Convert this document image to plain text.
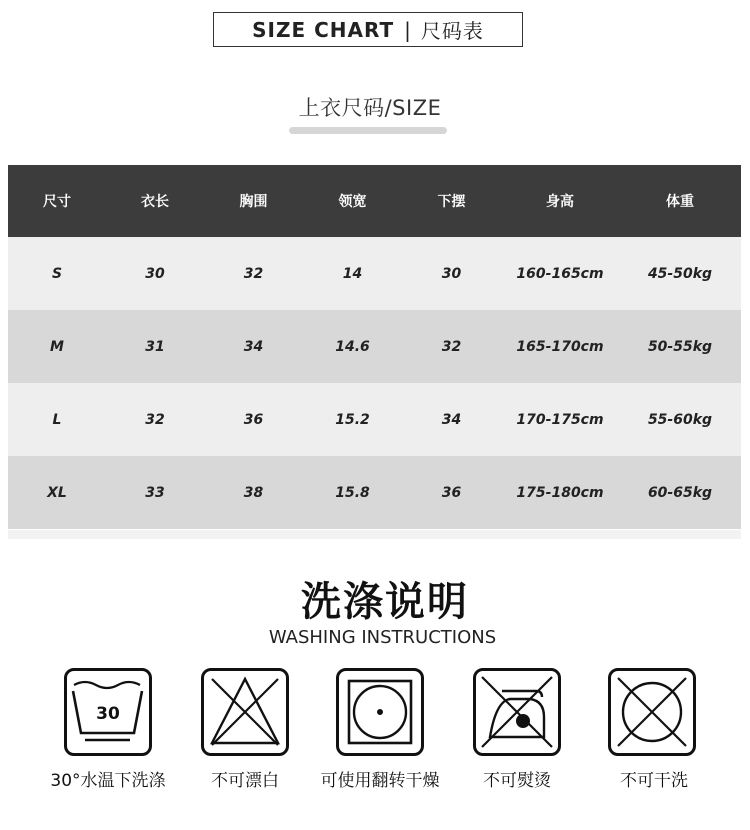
SIZE CHART | 尺码表
上衣尺码/SIZE
尺寸	衣长	胸围	领宽	下摆	身高	体重
S	30	32	14	30	160-165cm	45-50kg
M	31	34	14.6	32	165-170cm	50-55kg
L	32	36	15.2	34	170-175cm	55-60kg
XL	33	38	15.8	36	175-180cm	60-65kg
洗涤说明
WASHING INSTRUCTIONS
30
30°水温下洗涤	不可漂白	可使用翻转干燥	不可熨烫	不可干洗
